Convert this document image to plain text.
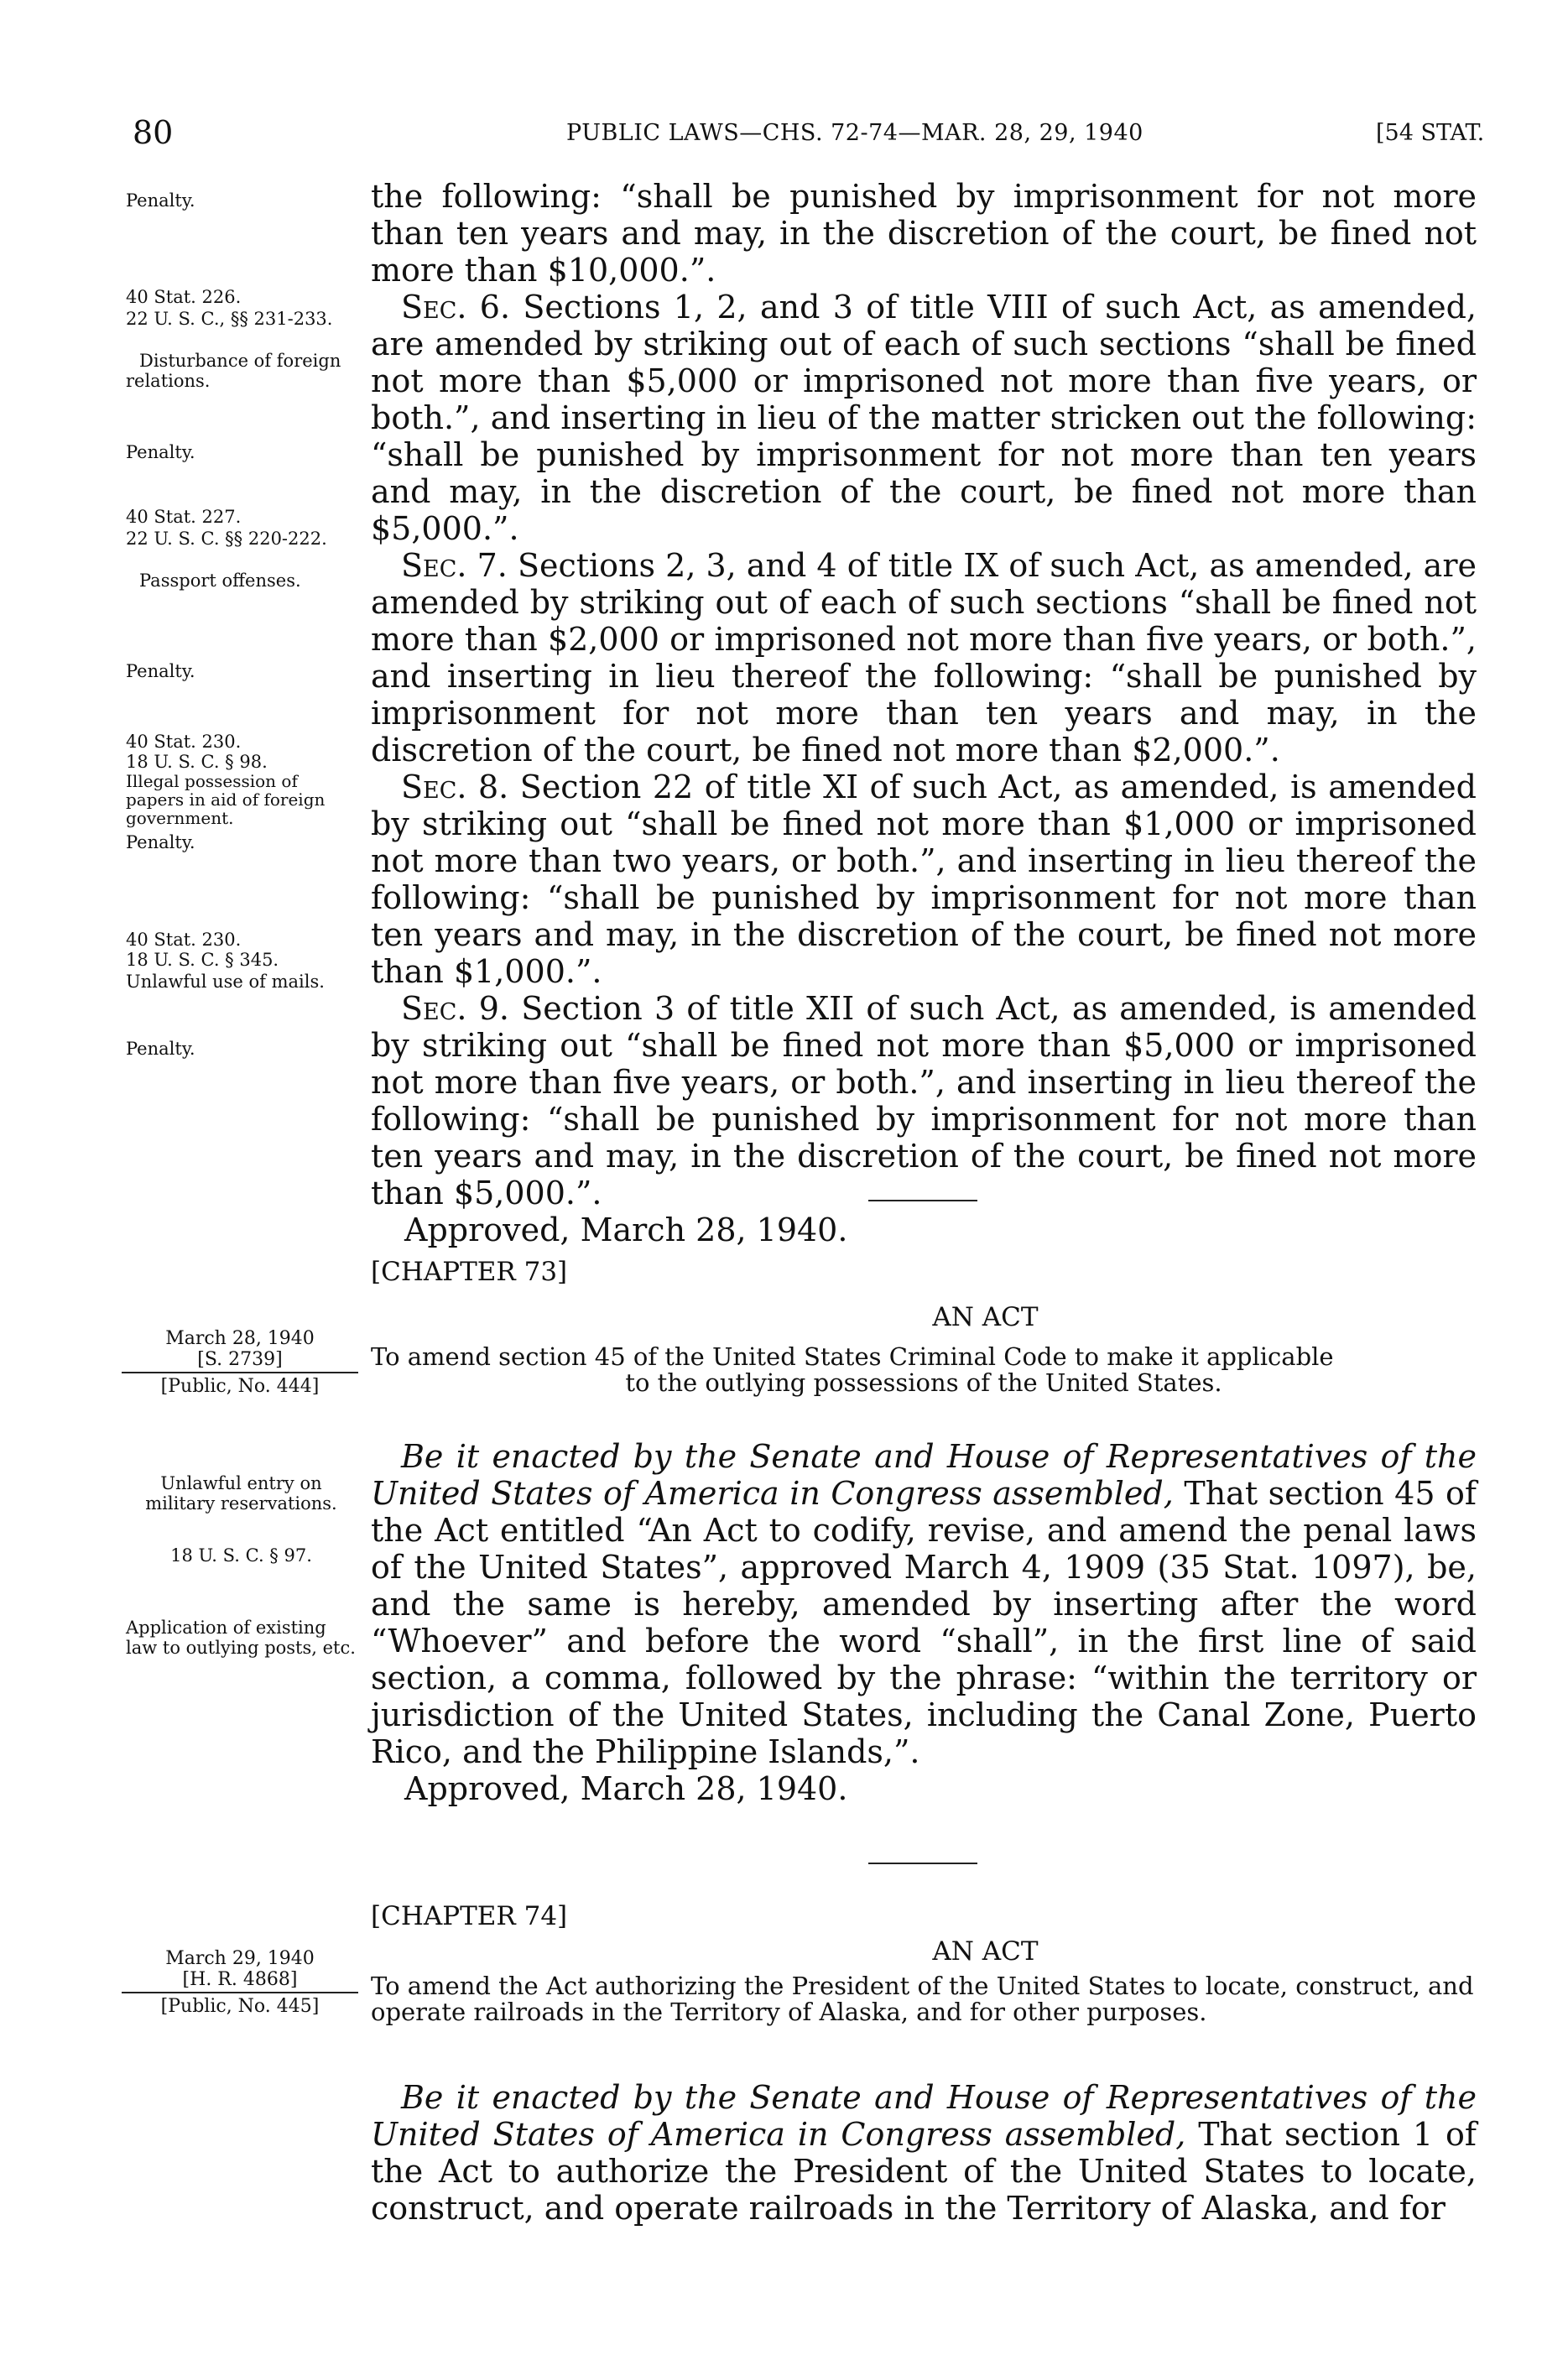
80	PUBLIC LAWS—CHS. 72-74—MAR. 28, 29, 1940	[54 STAT.
Penalty.
40 Stat. 226.
22 U. S. C., §§ 231-233.
Disturbance of foreign relations.
Penalty.
40 Stat. 227.
22 U. S. C. §§ 220-222.
Passport offenses.
Penalty.
40 Stat. 230.
18 U. S. C. § 98.
Illegal possession of papers in aid of foreign government.
Penalty.
40 Stat. 230.
18 U. S. C. § 345.
Unlawful use of mails.
Penalty.

the following: “shall be punished by imprisonment for not more than ten years and may, in the discretion of the court, be fined not more than $10,000.”.

Sec. 6. Sections 1, 2, and 3 of title VIII of such Act, as amended, are amended by striking out of each of such sections “shall be fined not more than $5,000 or imprisoned not more than five years, or both.”, and inserting in lieu of the matter stricken out the following: “shall be punished by imprisonment for not more than ten years and may, in the discretion of the court, be fined not more than $5,000.”.

Sec. 7. Sections 2, 3, and 4 of title IX of such Act, as amended, are amended by striking out of each of such sections “shall be fined not more than $2,000 or imprisoned not more than five years, or both.”, and inserting in lieu thereof the following: “shall be punished by imprisonment for not more than ten years and may, in the discretion of the court, be fined not more than $2,000.”.

Sec. 8. Section 22 of title XI of such Act, as amended, is amended by striking out “shall be fined not more than $1,000 or imprisoned not more than two years, or both.”, and inserting in lieu thereof the following: “shall be punished by imprisonment for not more than ten years and may, in the discretion of the court, be fined not more than $1,000.”.

Sec. 9. Section 3 of title XII of such Act, as amended, is amended by striking out “shall be fined not more than $5,000 or imprisoned not more than five years, or both.”, and inserting in lieu thereof the following: “shall be punished by imprisonment for not more than ten years and may, in the discretion of the court, be fined not more than $5,000.”.

Approved, March 28, 1940.

[CHAPTER 73]
AN ACT
To amend section 45 of the United States Criminal Code to make it applicable
to the outlying possessions of the United States.
March 28, 1940
[S. 2739]
[Public, No. 444]
Unlawful entry on military reservations.
18 U. S. C. § 97.
Application of existing law to outlying posts, etc.

Be it enacted by the Senate and House of Representatives of the United States of America in Congress assembled, That section 45 of the Act entitled “An Act to codify, revise, and amend the penal laws of the United States”, approved March 4, 1909 (35 Stat. 1097), be, and the same is hereby, amended by inserting after the word “Whoever” and before the word “shall”, in the first line of said section, a comma, followed by the phrase: “within the territory or jurisdiction of the United States, including the Canal Zone, Puerto Rico, and the Philippine Islands,”.

Approved, March 28, 1940.

[CHAPTER 74]
AN ACT
To amend the Act authorizing the President of the United States to locate, construct, and operate railroads in the Territory of Alaska, and for other purposes.
March 29, 1940
[H. R. 4868]
[Public, No. 445]

Be it enacted by the Senate and House of Representatives of the United States of America in Congress assembled, That section 1 of the Act to authorize the President of the United States to locate, construct, and operate railroads in the Territory of Alaska, and for
